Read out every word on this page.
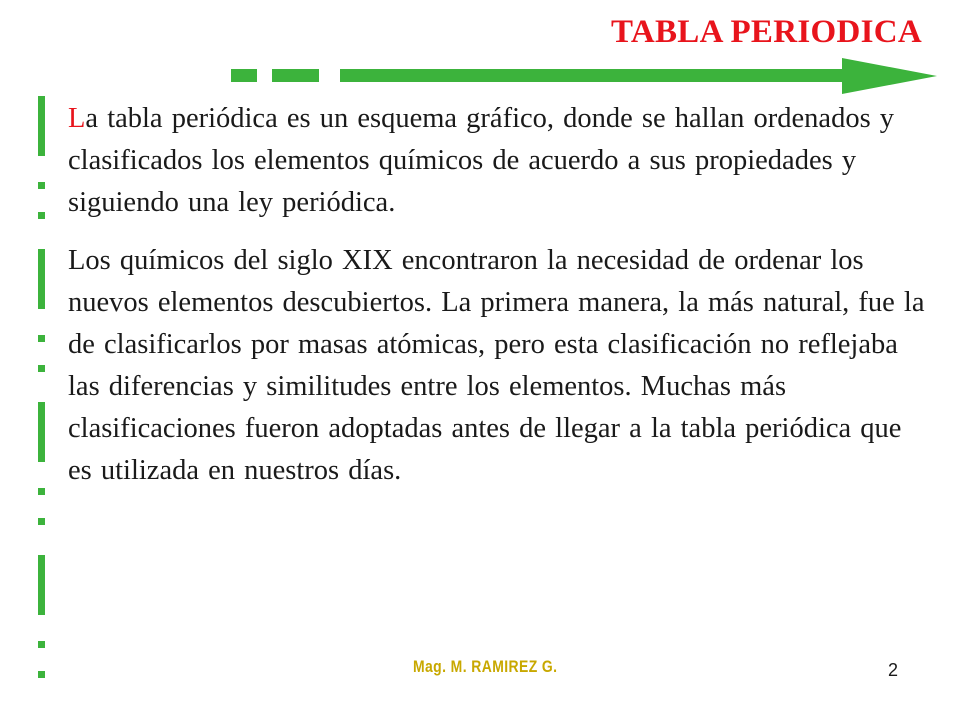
TABLA PERIODICA

La tabla periódica es un esquema gráfico, donde se hallan ordenados y clasificados los elementos químicos de acuerdo a sus propiedades y siguiendo una ley periódica.

Los químicos del siglo XIX encontraron la necesidad de ordenar los nuevos elementos descubiertos. La primera manera, la más natural, fue la de clasificarlos por masas atómicas, pero esta clasificación no reflejaba las diferencias y similitudes entre los elementos. Muchas más clasificaciones fueron adoptadas antes de llegar a la tabla periódica que es utilizada en nuestros días.

Mag. M. RAMIREZ G.	2
